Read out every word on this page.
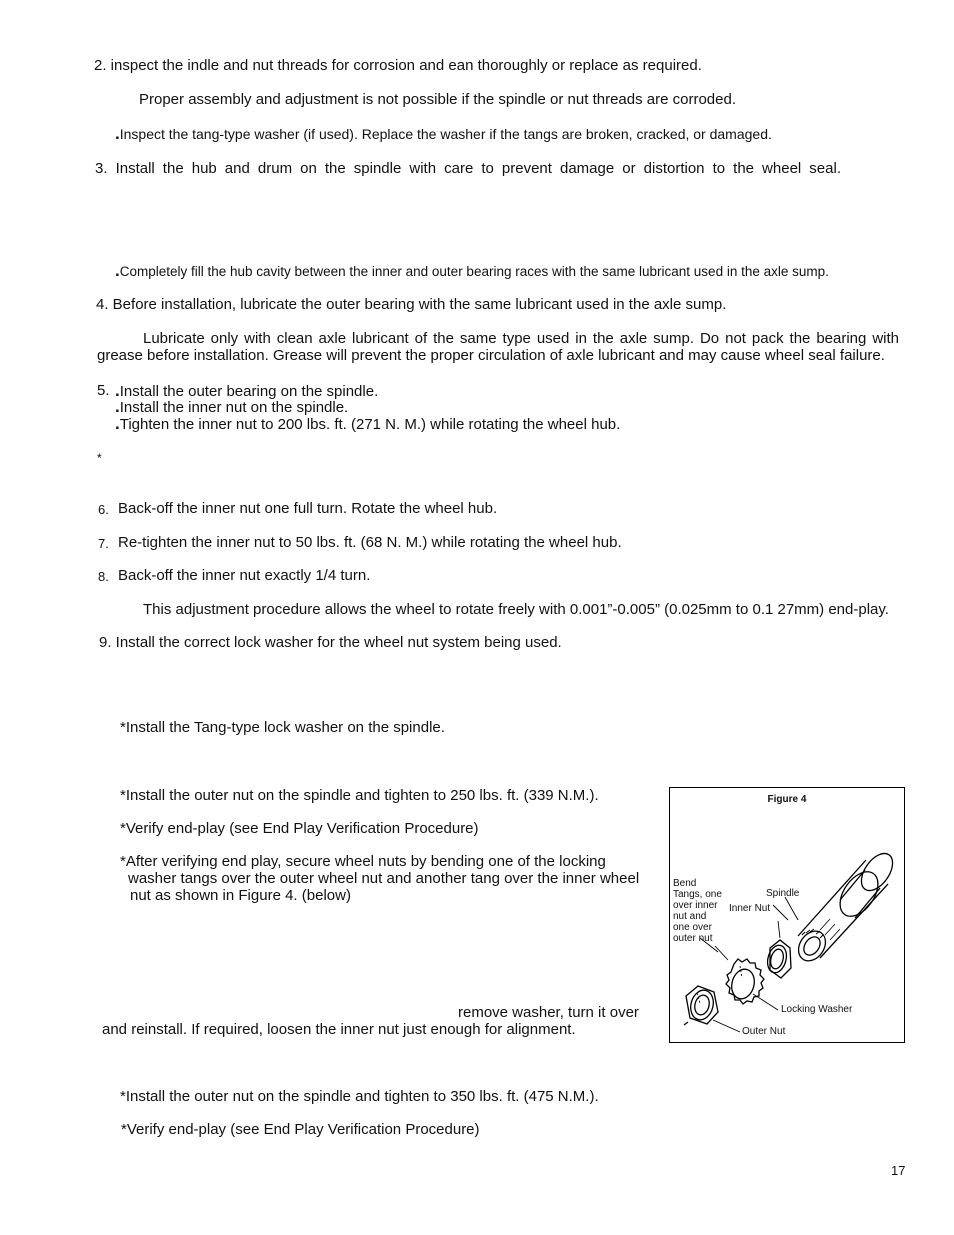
2. inspect the indle and nut threads for corrosion and ean thoroughly or replace as required.
Proper assembly and adjustment is not possible if the spindle or nut threads are corroded.
.Inspect the tang-type washer (if used). Replace the washer if the tangs are broken, cracked, or damaged.
3. Install the hub and drum on the spindle with care to prevent damage or distortion to the wheel seal.
.Completely fill the hub cavity between the inner and outer bearing races with the same lubricant used in the axle sump.
4. Before installation, lubricate the outer bearing with the same lubricant used in the axle sump.
Lubricate only with clean axle lubricant of the same type used in the axle sump. Do not pack the bearing with
grease before installation. Grease will prevent the proper circulation of axle lubricant and may cause wheel seal failure.
5. .Install the outer bearing on the spindle.
.Install the inner nut on the spindle.
.Tighten the inner nut to 200 lbs. ft. (271 N. M.) while rotating the wheel hub.
*
6. Back-off the inner nut one full turn. Rotate the wheel hub.
7. Re-tighten the inner nut to 50 lbs. ft. (68 N. M.) while rotating the wheel hub.
8. Back-off the inner nut exactly 1/4 turn.
This adjustment procedure allows the wheel to rotate freely with 0.001”-0.005” (0.025mm to 0.1 27mm) end-play.
9. Install the correct lock washer for the wheel nut system being used.
*Install the Tang-type lock washer on the spindle.
*Install the outer nut on the spindle and tighten to 250 lbs. ft. (339 N.M.).
*Verify end-play (see End Play Verification Procedure)
*After verifying end play, secure wheel nuts by bending one of the locking
washer tangs over the outer wheel nut and another tang over the inner wheel
nut as shown in Figure 4. (below)
remove washer, turn it over
and reinstall. If required, loosen the inner nut just enough for alignment.
*Install the outer nut on the spindle and tighten to 350 lbs. ft. (475 N.M.).
*Verify end-play (see End Play Verification Procedure)
Figure 4
Bend
Tangs, one
over inner
nut and
one over
outer nut
Spindle
Inner Nut
Locking Washer
Outer Nut
17
